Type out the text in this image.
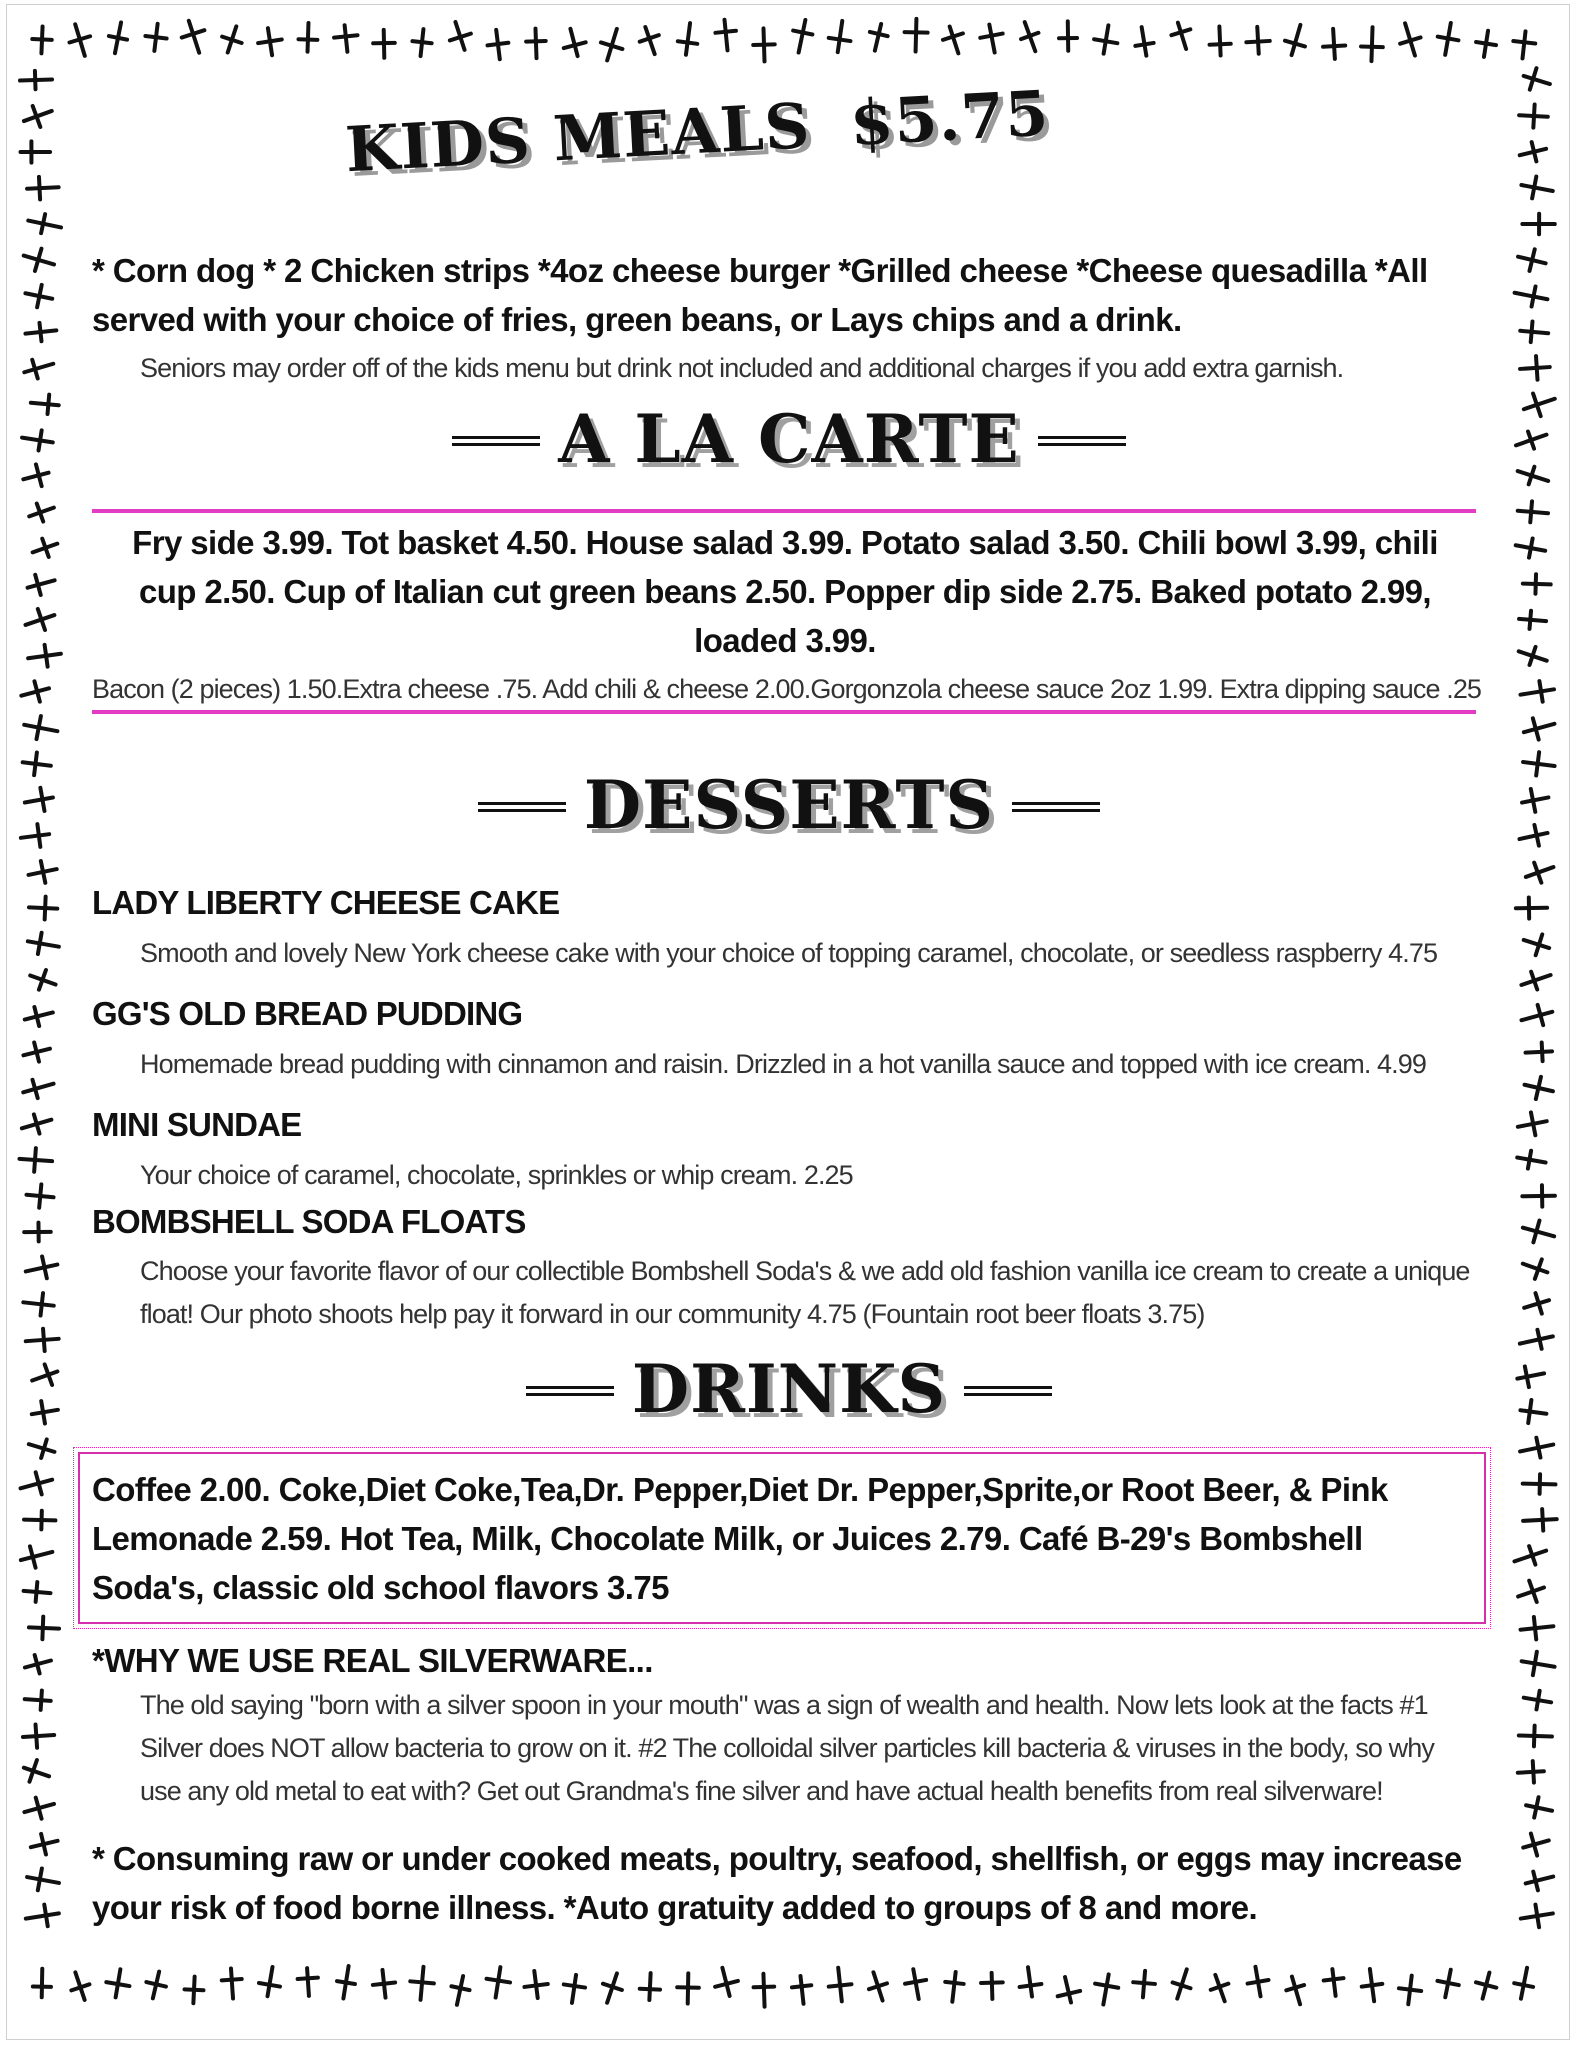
KIDS MEALS $5.75
* Corn dog * 2 Chicken strips *4oz cheese burger *Grilled cheese *Cheese quesadilla *All served with your choice of fries, green beans, or Lays chips and a drink.
Seniors may order off of the kids menu but drink not included and additional charges if you add extra garnish.
A LA CARTE
Fry side 3.99. Tot basket 4.50. House salad 3.99. Potato salad 3.50. Chili bowl 3.99, chili cup 2.50. Cup of Italian cut green beans 2.50. Popper dip side 2.75. Baked potato 2.99, loaded 3.99.
Bacon (2 pieces) 1.50.Extra cheese .75. Add chili & cheese 2.00.Gorgonzola cheese sauce 2oz 1.99. Extra dipping sauce .25
DESSERTS
LADY LIBERTY CHEESE CAKE
Smooth and lovely New York cheese cake with your choice of topping caramel, chocolate, or seedless raspberry 4.75
GG'S OLD BREAD PUDDING
Homemade bread pudding with cinnamon and raisin. Drizzled in a hot vanilla sauce and topped with ice cream. 4.99
MINI SUNDAE
Your choice of caramel, chocolate, sprinkles or whip cream. 2.25
BOMBSHELL SODA FLOATS
Choose your favorite flavor of our collectible Bombshell Soda's & we add old fashion vanilla ice cream to create a unique float! Our photo shoots help pay it forward in our community 4.75 (Fountain root beer floats 3.75)
DRINKS
Coffee 2.00. Coke,Diet Coke,Tea,Dr. Pepper,Diet Dr. Pepper,Sprite,or Root Beer, & Pink Lemonade 2.59. Hot Tea, Milk, Chocolate Milk, or Juices 2.79. Café B-29's Bombshell Soda's, classic old school flavors 3.75
*WHY WE USE REAL SILVERWARE...
The old saying "born with a silver spoon in your mouth" was a sign of wealth and health. Now lets look at the facts #1 Silver does NOT allow bacteria to grow on it. #2 The colloidal silver particles kill bacteria & viruses in the body, so why use any old metal to eat with? Get out Grandma's fine silver and have actual health benefits from real silverware!
* Consuming raw or under cooked meats, poultry, seafood, shellfish, or eggs may increase your risk of food borne illness. *Auto gratuity added to groups of 8 and more.
